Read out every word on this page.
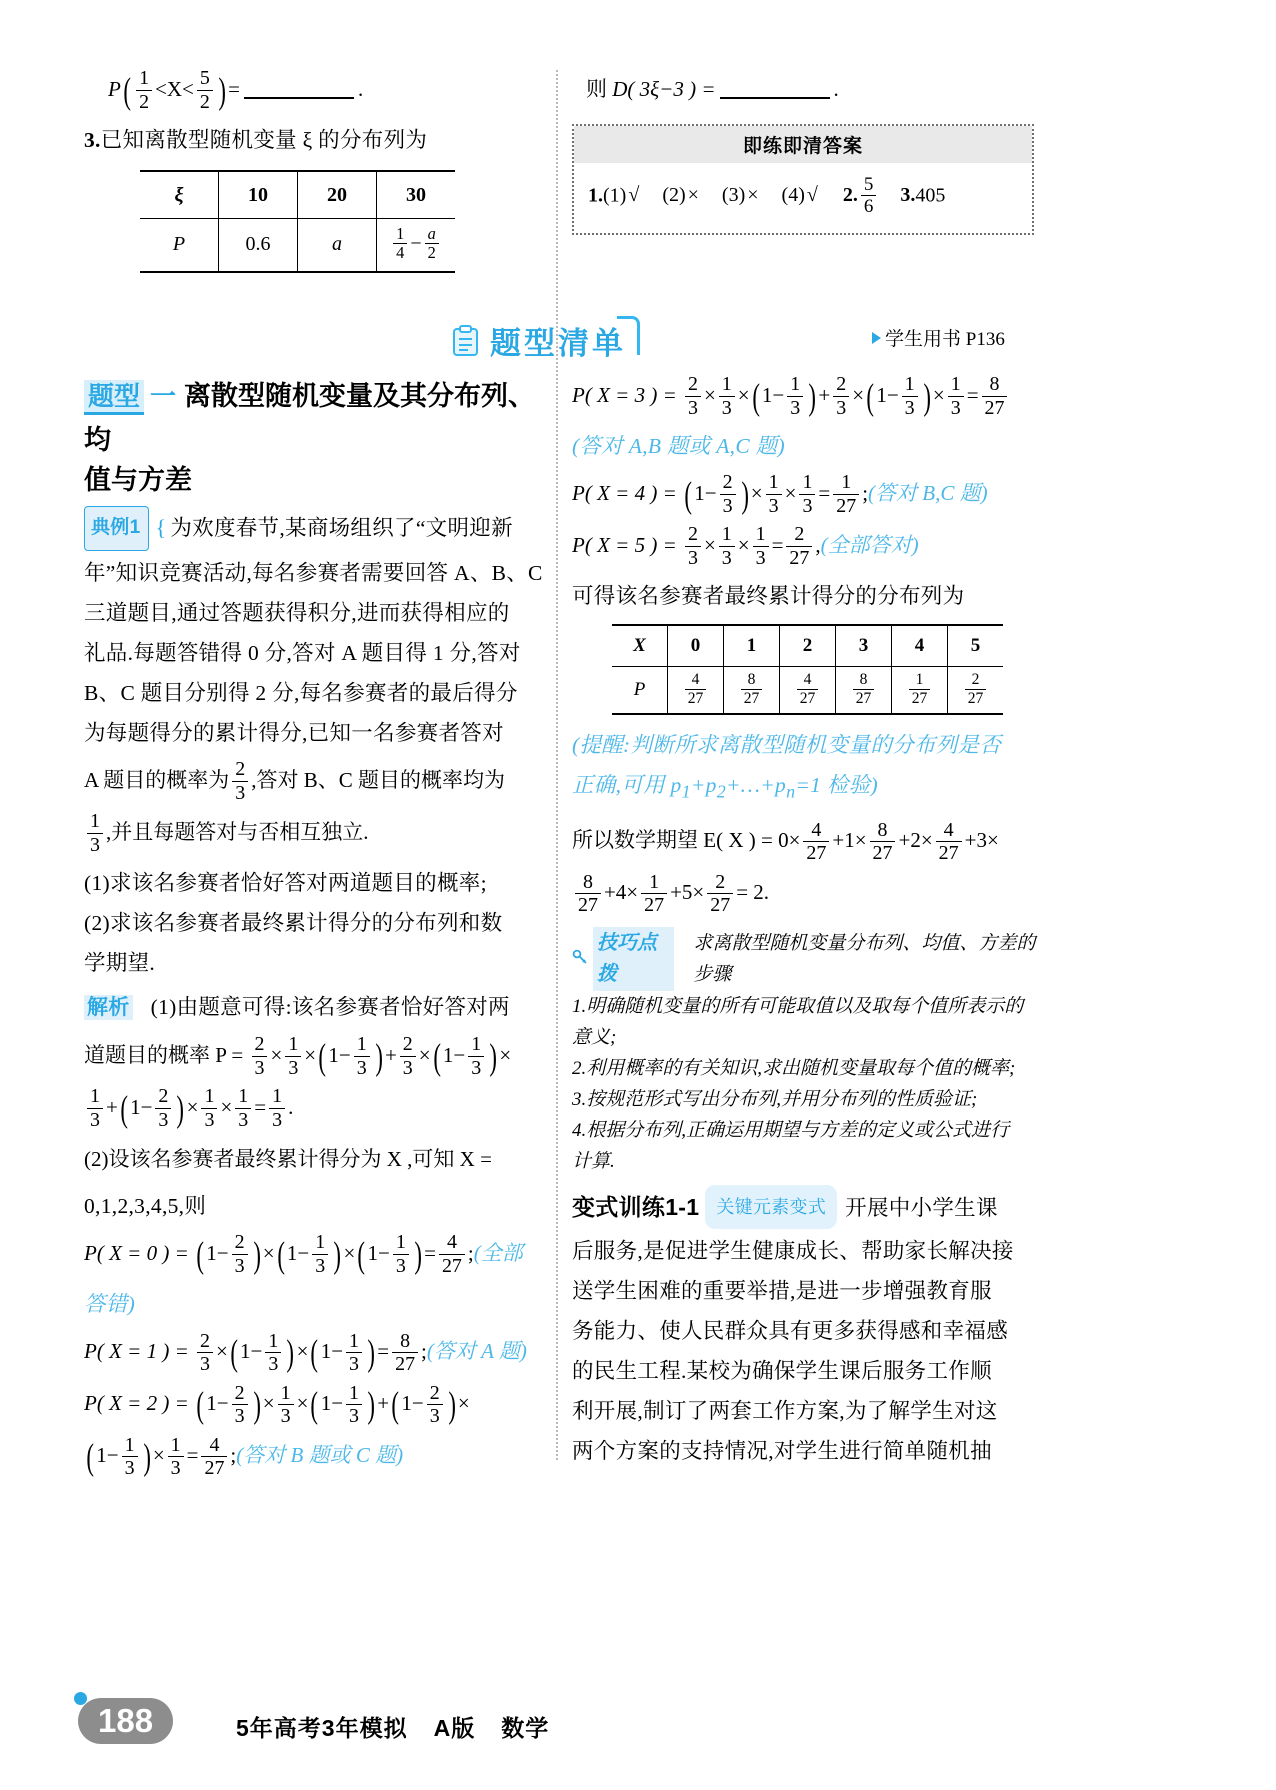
$P( \frac{1}{2} <X< \frac{5}{2}$ ) =	.
3.已知离散型随机变量 ξ 的分布列为
ξ	10	20	30
P	0.6	a	$\frac{1}{4} - \frac{a}{2}$
则 D( 3ξ−3 ) =	.
即练即清答案
1.(1) √ (2) × (3) × (4) √ 2. $\frac{5}{6} 3.405$
题型清单	学生用书 P136
题型 一 离散型随机变量及其分布列、均
值与方差
典例1 { 为欢度春节,某商场组织了“文明迎新
年”知识竞赛活动,每名参赛者需要回答 A、B、C
三道题目,通过答题获得积分,进而获得相应的
礼品.每题答错得 0 分,答对 A 题目得 1 分,答对
B、C 题目分别得 2 分,每名参赛者的最后得分
为每题得分的累计得分,已知一名参赛者答对
A 题目的概率为 $\frac{2}{3}$ ,答对 B、C 题目的概率均为
$\frac{1}{3}$ ,并且每题答对与否相互独立.
(1)求该名参赛者恰好答对两道题目的概率;
(2)求该名参赛者最终累计得分的分布列和数
学期望.
解析 (1)由题意可得:该名参赛者恰好答对两
道题目的概率 $P = \frac{2}{3} \times \frac{1}{3}$ ×( $1- \frac{1}{3}$ ) + $\frac{2}{3}$ ×( $1- \frac{1}{3}$ ) ×
$\frac{1}{3}$ +( $1- \frac{2}{3}$ ) × $\frac{1}{3} \times \frac{1}{3} = \frac{1}{3}$ .
(2)设该名参赛者最终累计得分为 X ,可知 X =
0,1,2,3,4,5,则
P( X = 0 ) = ( $1- \frac{2}{3}$ ) ×( $1- \frac{1}{3}$ ) ×( $1- \frac{1}{3}$ ) = $\frac{4}{27}$ ;(全部
答错)
P( X = 1 ) = $\frac{2}{3}$ ×( $1- \frac{1}{3}$ ) ×( $1- \frac{1}{3}$ ) = $\frac{8}{27}$ ;(答对 A 题)
P( X = 2 ) = ( $1- \frac{2}{3}$ ) × $\frac{1}{3}$ ×( $1- \frac{1}{3}$ ) +( $1- \frac{2}{3}$ ) ×
( $1- \frac{1}{3}$ ) × $\frac{1}{3} = \frac{4}{27}$ ;(答对 B 题或 C 题)
P( X = 3 ) = $\frac{2}{3} \times \frac{1}{3}$ ×( $1- \frac{1}{3}$ ) + $\frac{2}{3}$ ×( $1- \frac{1}{3}$ ) × $\frac{1}{3} = \frac{8}{27}$
(答对 A,B 题或 A,C 题)
P( X = 4 ) = ( $1- \frac{2}{3}$ ) × $\frac{1}{3} \times \frac{1}{3} = \frac{1}{27}$ ;(答对 B,C 题)
P( X = 5 ) = $\frac{2}{3} \times \frac{1}{3} \times \frac{1}{3} = \frac{2}{27}$ ,(全部答对)
可得该名参赛者最终累计得分的分布列为
X	0	1	2	3	4	5
P	$\frac{4}{27}$	$\frac{8}{27}$	$\frac{4}{27}$	$\frac{8}{27}$	$\frac{1}{27}$	$\frac{2}{27}$
(提醒:判断所求离散型随机变量的分布列是否
正确,可用 $p_1+p_2+\dots+p_n=1$ 检验)
所以数学期望 E( X ) = $0\times \frac{4}{27} +1\times \frac{8}{27} +2\times \frac{4}{27} +3\times$
$\frac{8}{27} +4\times \frac{1}{27} +5\times \frac{2}{27} = 2$.
技巧点拨
求离散型随机变量分布列、均值、方差的步骤
1.明确随机变量的所有可能取值以及取每个值所表示的
意义;
2.利用概率的有关知识,求出随机变量取每个值的概率;
3.按规范形式写出分布列,并用分布列的性质验证;
4.根据分布列,正确运用期望与方差的定义或公式进行
计算.
变式训练1-1 关键元素变式 开展中小学生课
后服务,是促进学生健康成长、帮助家长解决接
送学生困难的重要举措,是进一步增强教育服
务能力、使人民群众具有更多获得感和幸福感
的民生工程.某校为确保学生课后服务工作顺
利开展,制订了两套工作方案,为了解学生对这
两个方案的支持情况,对学生进行简单随机抽
188	5年高考3年模拟 A版 数学
